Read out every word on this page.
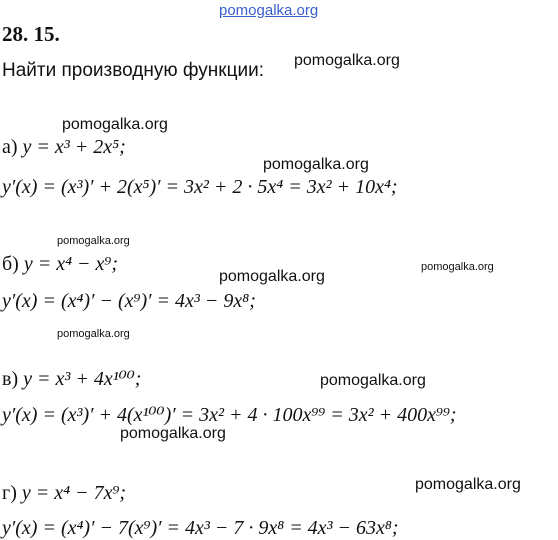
pomogalka.org
28. 15.
Найти производную функции: pomogalka.org
pomogalka.org
pomogalka.org
pomogalka.org
pomogalka.org
pomogalka.org
pomogalka.org
pomogalka.org
pomogalka.org
pomogalka.org
а) y = x³ + 2x⁵;
y′(x) = (x³)′ + 2(x⁵)′ = 3x² + 2 · 5x⁴ = 3x² + 10x⁴;
б) y = x⁴ − x⁹;
y′(x) = (x⁴)′ − (x⁹)′ = 4x³ − 9x⁸;
в) y = x³ + 4x¹⁰⁰;
y′(x) = (x³)′ + 4(x¹⁰⁰)′ = 3x² + 4 · 100x⁹⁹ = 3x² + 400x⁹⁹;
г) y = x⁴ − 7x⁹;
y′(x) = (x⁴)′ − 7(x⁹)′ = 4x³ − 7 · 9x⁸ = 4x³ − 63x⁸;
